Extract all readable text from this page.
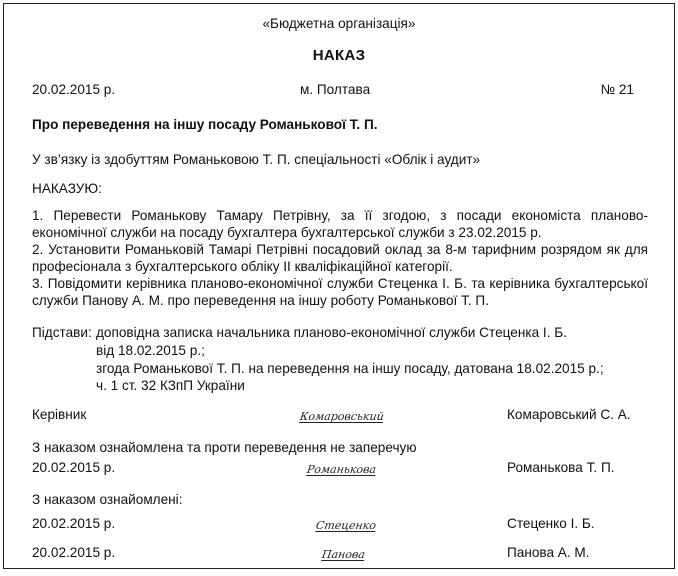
«Бюджетна організація»
НАКАЗ
20.02.2015 р.	м. Полтава	№ 21
Про переведення на іншу посаду Романькової Т. П.
У зв’язку із здобуттям Романьковою Т. П. спеціальності «Облік і аудит»
НАКАЗУЮ:
1. Перевести Романькову Тамару Петрівну, за її згодою, з посади економіста планово-економічної служби на посаду бухгалтера бухгалтерської служби з 23.02.2015 р.
2. Установити Романьковій Тамарі Петрівні посадовий оклад за 8-м тарифним розрядом як для професіонала з бухгалтерського обліку II кваліфікаційної категорії.
3. Повідомити керівника планово-економічної служби Стеценка І. Б. та керівника бухгалтерської служби Панову А. М. про переведення на іншу роботу Романькової Т. П.
Підстави: доповідна записка начальника планово-економічної служби Стеценка І. Б.
від 18.02.2015 р.;
згода Романькової Т. П. на переведення на іншу посаду, датована 18.02.2015 р.;
ч. 1 ст. 32 КЗпП України
Керівник	Комаровський	Комаровський С. А.
З наказом ознайомлена та проти переведення не заперечую
20.02.2015 р.	Романькова	Романькова Т. П.
З наказом ознайомлені:
20.02.2015 р.	Стеценко	Стеценко І. Б.
20.02.2015 р.	Панова	Панова А. М.
